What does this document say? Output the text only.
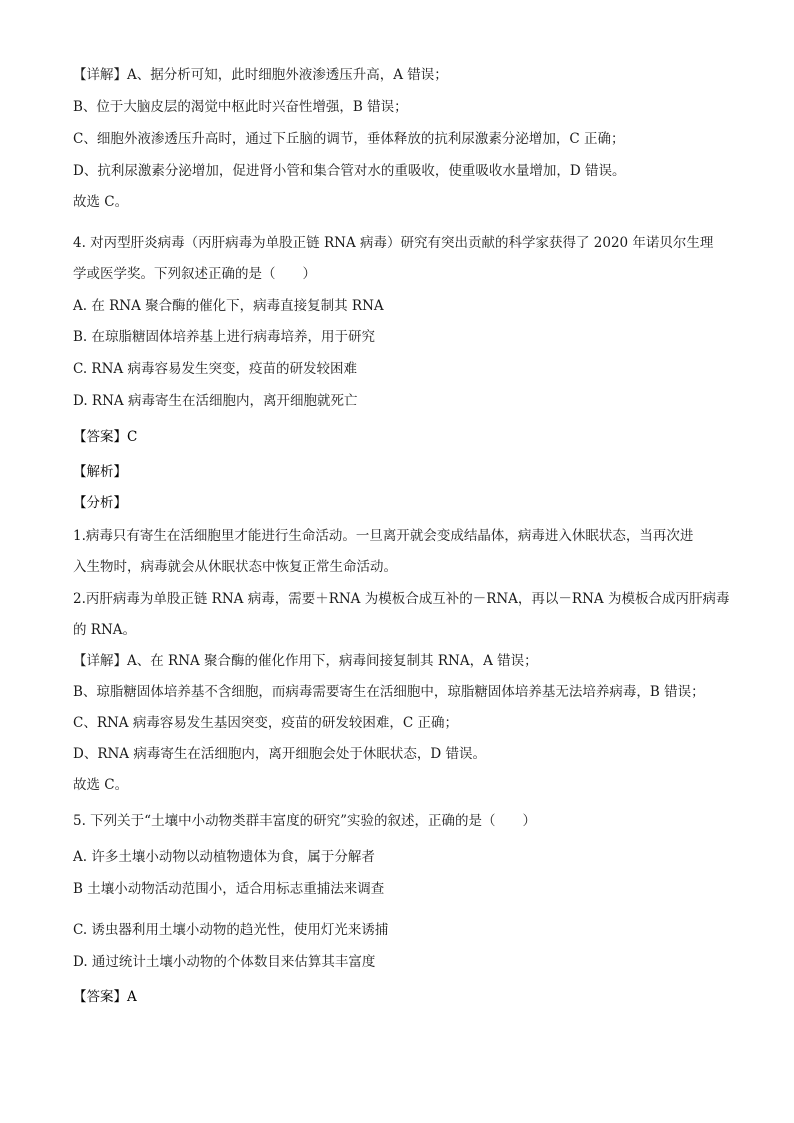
【详解】A、据分析可知，此时细胞外液渗透压升高，A 错误；
B、位于大脑皮层的渴觉中枢此时兴奋性增强，B 错误；
C、细胞外液渗透压升高时，通过下丘脑的调节，垂体释放的抗利尿激素分泌增加，C 正确；
D、抗利尿激素分泌增加，促进肾小管和集合管对水的重吸收，使重吸收水量增加，D 错误。
故选 C。
4. 对丙型肝炎病毒（丙肝病毒为单股正链 RNA 病毒）研究有突出贡献的科学家获得了 2020 年诺贝尔生理
学或医学奖。下列叙述正确的是（　　）
A. 在 RNA 聚合酶的催化下，病毒直接复制其 RNA
B. 在琼脂糖固体培养基上进行病毒培养，用于研究
C. RNA 病毒容易发生突变，疫苗的研发较困难
D. RNA 病毒寄生在活细胞内，离开细胞就死亡
【答案】C
【解析】
【分析】
1.病毒只有寄生在活细胞里才能进行生命活动。一旦离开就会变成结晶体，病毒进入休眠状态，当再次进
入生物时，病毒就会从休眠状态中恢复正常生命活动。
2.丙肝病毒为单股正链 RNA 病毒，需要＋RNA 为模板合成互补的－RNA，再以－RNA 为模板合成丙肝病毒
的 RNA。
【详解】A、在 RNA 聚合酶的催化作用下，病毒间接复制其 RNA，A 错误；
B、琼脂糖固体培养基不含细胞，而病毒需要寄生在活细胞中，琼脂糖固体培养基无法培养病毒，B 错误；
C、RNA 病毒容易发生基因突变，疫苗的研发较困难，C 正确；
D、RNA 病毒寄生在活细胞内，离开细胞会处于休眠状态，D 错误。
故选 C。
5. 下列关于“土壤中小动物类群丰富度的研究”实验的叙述，正确的是（　　）
A. 许多土壤小动物以动植物遗体为食，属于分解者
B 土壤小动物活动范围小，适合用标志重捕法来调查
C. 诱虫器利用土壤小动物的趋光性，使用灯光来诱捕
D. 通过统计土壤小动物的个体数目来估算其丰富度
【答案】A
